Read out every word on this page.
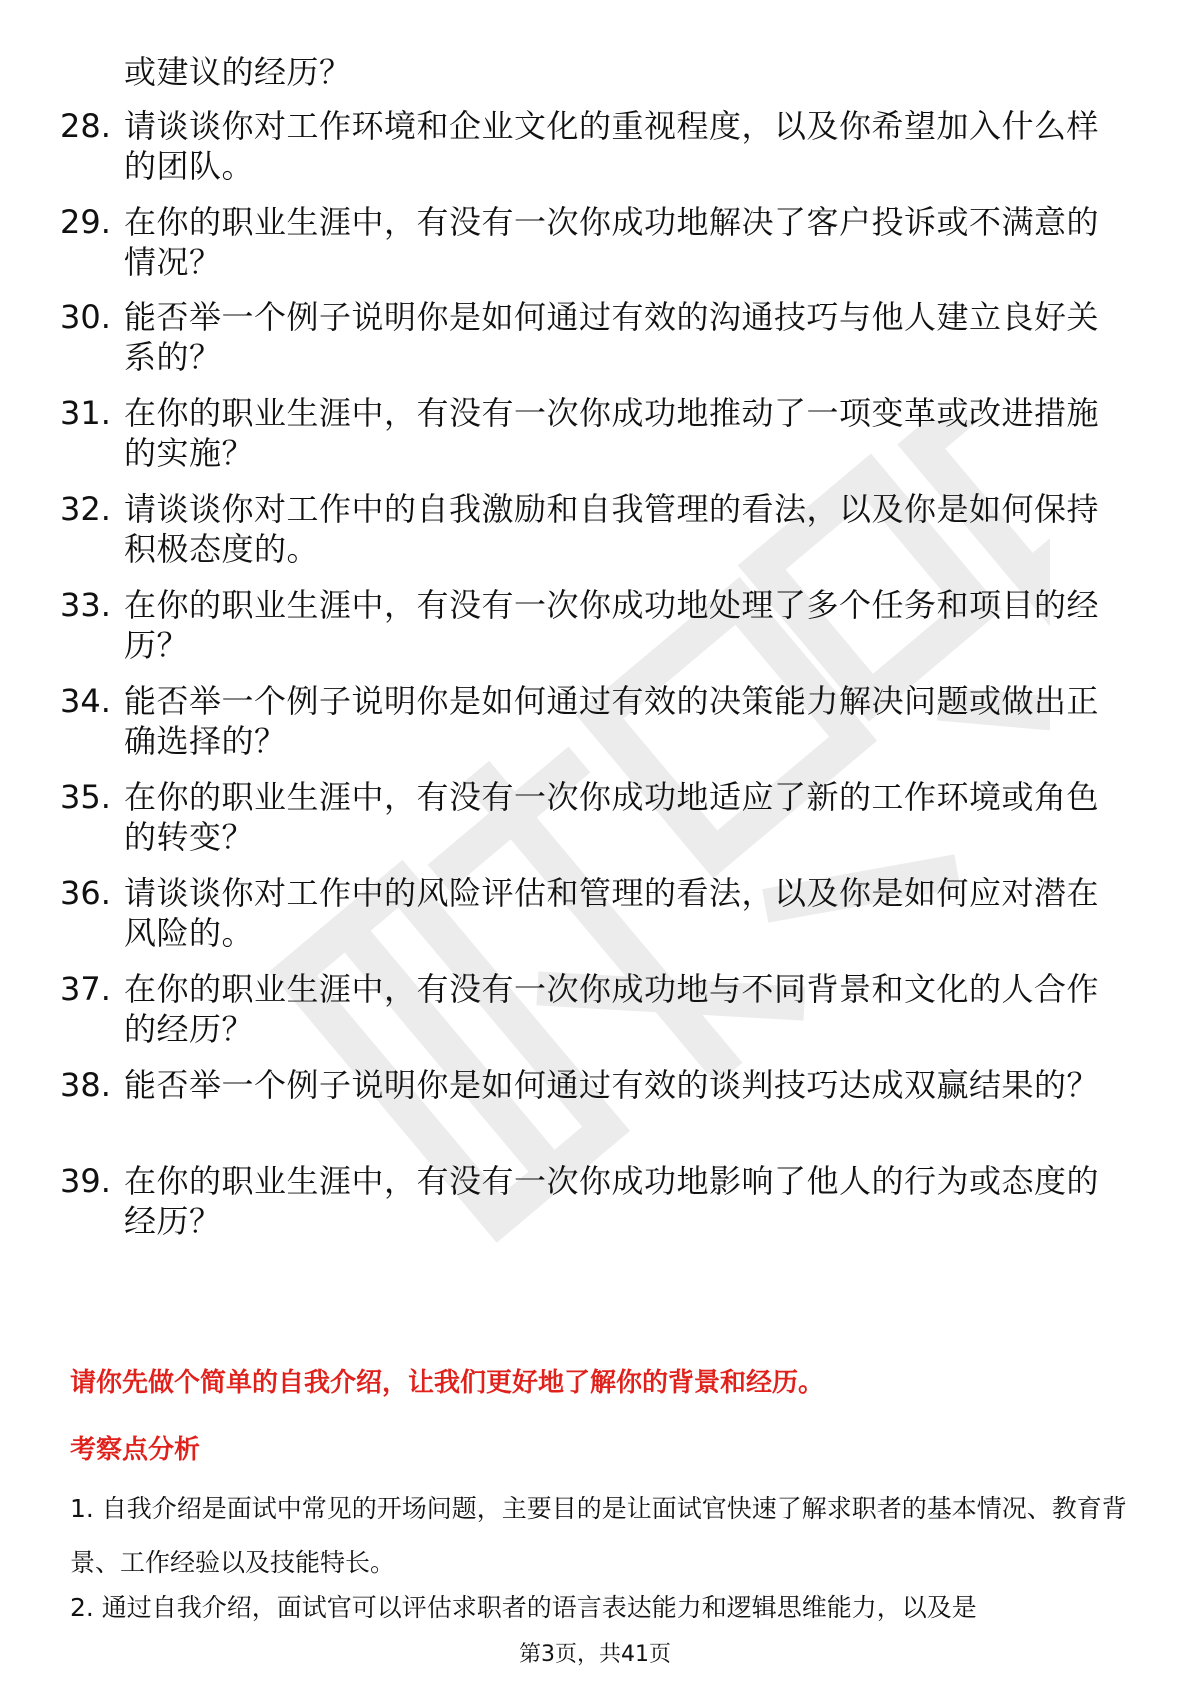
或建议的经历？
28. 请谈谈你对工作环境和企业文化的重视程度，以及你希望加入什么样的团队。
29. 在你的职业生涯中，有没有一次你成功地解决了客户投诉或不满意的情况？
30. 能否举一个例子说明你是如何通过有效的沟通技巧与他人建立良好关系的？
31. 在你的职业生涯中，有没有一次你成功地推动了一项变革或改进措施的实施？
32. 请谈谈你对工作中的自我激励和自我管理的看法，以及你是如何保持积极态度的。
33. 在你的职业生涯中，有没有一次你成功地处理了多个任务和项目的经历？
34. 能否举一个例子说明你是如何通过有效的决策能力解决问题或做出正确选择的？
35. 在你的职业生涯中，有没有一次你成功地适应了新的工作环境或角色的转变？
36. 请谈谈你对工作中的风险评估和管理的看法，以及你是如何应对潜在风险的。
37. 在你的职业生涯中，有没有一次你成功地与不同背景和文化的人合作的经历？
38. 能否举一个例子说明你是如何通过有效的谈判技巧达成双赢结果的？
39. 在你的职业生涯中，有没有一次你成功地影响了他人的行为或态度的经历？
请你先做个简单的自我介绍，让我们更好地了解你的背景和经历。
考察点分析
1. 自我介绍是面试中常见的开场问题，主要目的是让面试官快速了解求职者的基本情况、教育背景、工作经验以及技能特长。
2. 通过自我介绍，面试官可以评估求职者的语言表达能力和逻辑思维能力，以及是
第3页，共41页
